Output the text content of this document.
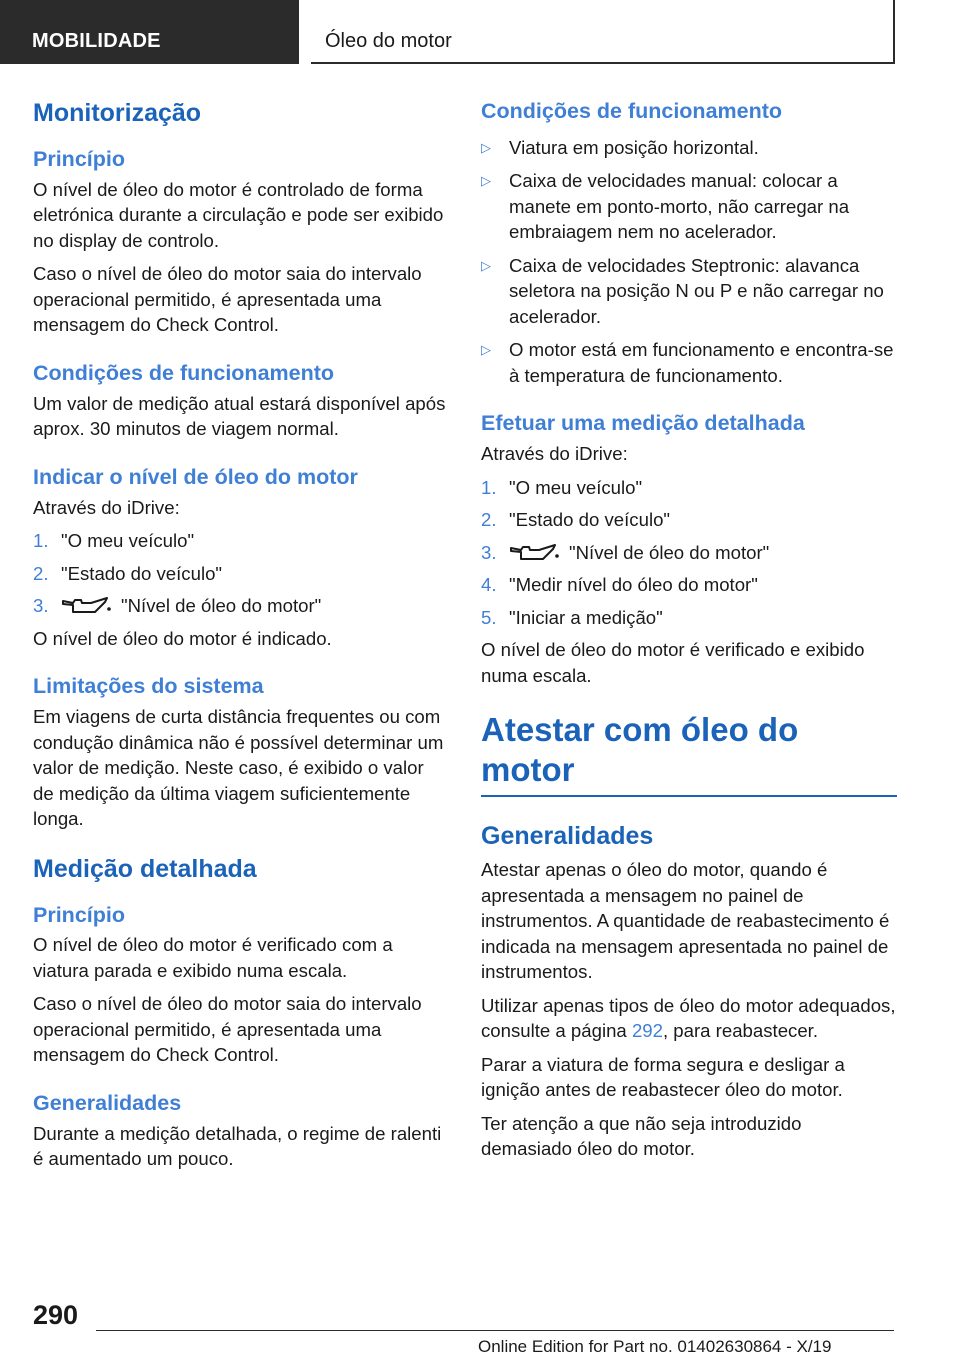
MOBILIDADE	Óleo do motor
Monitorização
Princípio

O nível de óleo do motor é controlado de forma eletrónica durante a circulação e pode ser exibido no display de controlo.

Caso o nível de óleo do motor saia do intervalo operacional permitido, é apresentada uma mensagem do Check Control.

Condições de funcionamento

Um valor de medição atual estará disponível após aprox. 30 minutos de viagem normal.

Indicar o nível de óleo do motor

Através do iDrive:

1. "O meu veículo"
2. "Estado do veículo"
3.	"Nível de óleo do motor"

O nível de óleo do motor é indicado.

Limitações do sistema

Em viagens de curta distância frequentes ou com condução dinâmica não é possível determinar um valor de medição. Neste caso, é exibido o valor de medição da última viagem suficientemente longa.

Medição detalhada
Princípio

O nível de óleo do motor é verificado com a viatura parada e exibido numa escala.

Caso o nível de óleo do motor saia do intervalo operacional permitido, é apresentada uma mensagem do Check Control.

Generalidades

Durante a medição detalhada, o regime de ralenti é aumentado um pouco.

Condições de funcionamento
▷ Viatura em posição horizontal.
▷ Caixa de velocidades manual: colocar a manete em ponto-morto, não carregar na embraiagem nem no acelerador.
▷ Caixa de velocidades Steptronic: alavanca seletora na posição N ou P e não carregar no acelerador.
▷ O motor está em funcionamento e encontra-se à temperatura de funcionamento.
Efetuar uma medição detalhada

Através do iDrive:

1. "O meu veículo"
2. "Estado do veículo"
3.	"Nível de óleo do motor"
4. "Medir nível do óleo do motor"
5. "Iniciar a medição"

O nível de óleo do motor é verificado e exibido numa escala.

Atestar com óleo do motor
Generalidades

Atestar apenas o óleo do motor, quando é apresentada a mensagem no painel de instrumentos. A quantidade de reabastecimento é indicada na mensagem apresentada no painel de instrumentos.

Utilizar apenas tipos de óleo do motor adequados, consulte a página 292, para reabastecer.

Parar a viatura de forma segura e desligar a ignição antes de reabastecer óleo do motor.

Ter atenção a que não seja introduzido demasiado óleo do motor.

290
Online Edition for Part no. 01402630864 - X/19
